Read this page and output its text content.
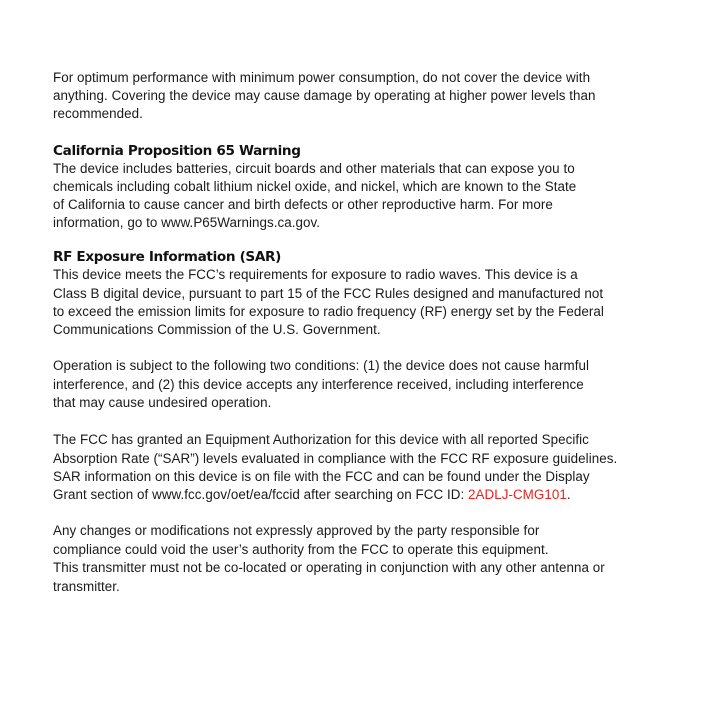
For optimum performance with minimum power consumption, do not cover the device with
anything. Covering the device may cause damage by operating at higher power levels than
recommended.

California Proposition 65 Warning

The device includes batteries, circuit boards and other materials that can expose you to
chemicals including cobalt lithium nickel oxide, and nickel, which are known to the State
of California to cause cancer and birth defects or other reproductive harm. For more
information, go to www.P65Warnings.ca.gov.

RF Exposure Information (SAR)

This device meets the FCC’s requirements for exposure to radio waves. This device is a
Class B digital device, pursuant to part 15 of the FCC Rules designed and manufactured not
to exceed the emission limits for exposure to radio frequency (RF) energy set by the Federal
Communications Commission of the U.S. Government.

Operation is subject to the following two conditions: (1) the device does not cause harmful
interference, and (2) this device accepts any interference received, including interference
that may cause undesired operation.

The FCC has granted an Equipment Authorization for this device with all reported Specific
Absorption Rate (“SAR”) levels evaluated in compliance with the FCC RF exposure guidelines.
SAR information on this device is on file with the FCC and can be found under the Display
Grant section of www.fcc.gov/oet/ea/fccid after searching on FCC ID: 2ADLJ-CMG101.

Any changes or modifications not expressly approved by the party responsible for
compliance could void the user’s authority from the FCC to operate this equipment.
This transmitter must not be co-located or operating in conjunction with any other antenna or
transmitter.
